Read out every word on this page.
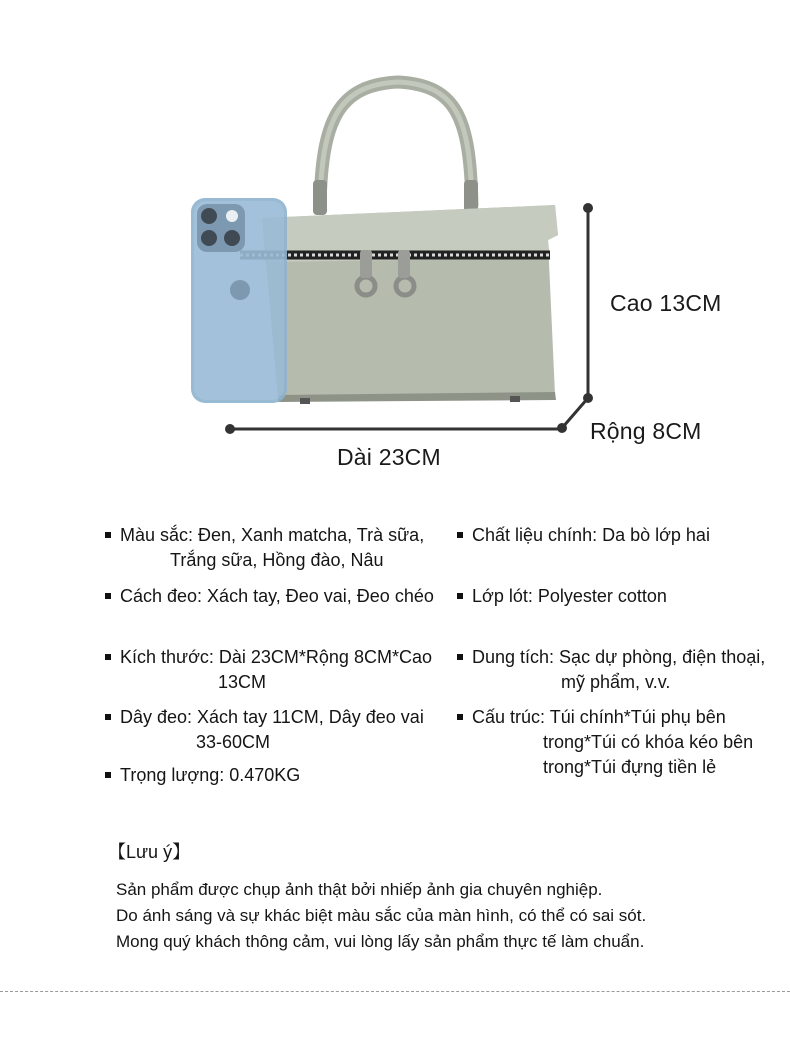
Cao 13CM
Rộng 8CM
Dài 23CM
Màu sắc: Đen, Xanh matcha, Trà sữa,
Trắng sữa, Hồng đào, Nâu
Cách đeo: Xách tay, Đeo vai, Đeo chéo
Kích thước: Dài 23CM*Rộng 8CM*Cao
13CM
Dây đeo: Xách tay 11CM, Dây đeo vai
33-60CM
Trọng lượng: 0.470KG
Chất liệu chính: Da bò lớp hai
Lớp lót: Polyester cotton
Dung tích: Sạc dự phòng, điện thoại,
mỹ phẩm, v.v.
Cấu trúc: Túi chính*Túi phụ bên
trong*Túi có khóa kéo bên
trong*Túi đựng tiền lẻ
【Lưu ý】
Sản phẩm được chụp ảnh thật bởi nhiếp ảnh gia chuyên nghiệp.
Do ánh sáng và sự khác biệt màu sắc của màn hình, có thể có sai sót.
Mong quý khách thông cảm, vui lòng lấy sản phẩm thực tế làm chuẩn.
